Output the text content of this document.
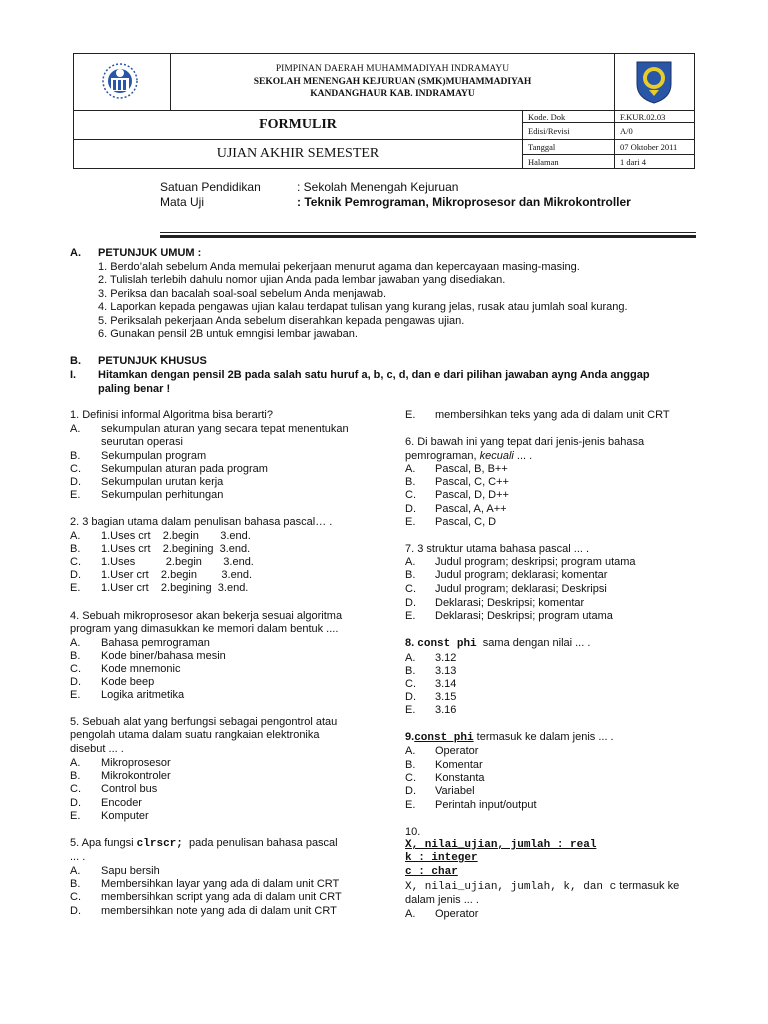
PIMPINAN DAERAH MUHAMMADIYAH INDRAMAYU
SEKOLAH MENENGAH KEJURUAN (SMK)MUHAMMADIYAH
KANDANGHAUR KAB. INDRAMAYU

FORMULIR		Kode. Dok	F.KUR.02.03
		Edisi/Revisi	A/0
UJIAN AKHIR SEMESTER		Tanggal	07 Oktober 2011
		Halaman	1 dari 4
Satuan Pendidikan	: Sekolah Menengah Kejuruan
Mata Uji	: Teknik Pemrograman, Mikroprosesor dan Mikrokontroller
A. PETUNJUK UMUM :
1. Berdo’alah sebelum Anda memulai pekerjaan menurut agama dan kepercayaan masing-masing.
2. Tulislah terlebih dahulu nomor ujian Anda pada lembar jawaban yang disediakan.
3. Periksa dan bacalah soal-soal sebelum Anda menjawab.
4. Laporkan kepada pengawas ujian kalau terdapat tulisan yang kurang jelas, rusak atau jumlah soal kurang.
5. Periksalah pekerjaan Anda sebelum diserahkan kepada pengawas ujian.
6. Gunakan pensil 2B untuk emngisi lembar jawaban.
B. PETUNJUK KHUSUS
I. Hitamkan dengan pensil 2B pada salah satu huruf a, b, c, d, dan e dari pilihan jawaban ayng Anda anggap
paling benar !
1. Definisi informal Algoritma bisa berarti?
A. sekumpulan aturan yang secara tepat menentukan
seurutan operasi
B. Sekumpulan program
C. Sekumpulan aturan pada program
D. Sekumpulan urutan kerja
E. Sekumpulan perhitungan
2. 3 bagian utama dalam penulisan bahasa pascal… .
A. 1.Uses crt    2.begin       3.end.
B. 1.Uses crt    2.begining  3.end.
C. 1.Uses          2.begin       3.end.
D. 1.User crt    2.begin        3.end.
E. 1.User crt    2.begining  3.end.
4. Sebuah mikroprosesor akan bekerja sesuai algoritma
program yang dimasukkan ke memori dalam bentuk ....
A. Bahasa pemrograman
B. Kode biner/bahasa mesin
C. Kode mnemonic
D. Kode beep
E. Logika aritmetika
5. Sebuah alat yang berfungsi sebagai pengontrol atau
pengolah utama dalam suatu rangkaian elektronika
disebut ... .
A. Mikroprosesor
B. Mikrokontroler
C. Control bus
D. Encoder
E. Komputer
5. Apa fungsi clrscr;  pada penulisan bahasa pascal
... .
A. Sapu bersih
B. Membersihkan layar yang ada di dalam unit CRT
C. membersihkan script yang ada di dalam unit CRT
D. membersihkan note yang ada di dalam unit CRT
E. membersihkan teks yang ada di dalam unit CRT
6. Di bawah ini yang tepat dari jenis-jenis bahasa
pemrograman, kecuali ... .
A. Pascal, B, B++
B. Pascal, C, C++
C. Pascal, D, D++
D. Pascal, A, A++
E. Pascal, C, D
7. 3 struktur utama bahasa pascal ... .
A. Judul program; deskripsi; program utama
B. Judul program; deklarasi; komentar
C. Judul program; deklarasi; Deskripsi
D. Deklarasi; Deskripsi; komentar
E. Deklarasi; Deskripsi; program utama
8. const phi  sama dengan nilai ... .
A. 3.12
B. 3.13
C. 3.14
D. 3.15
E. 3.16
9.const phi termasuk ke dalam jenis ... .
A. Operator
B. Komentar
C. Konstanta
D. Variabel
E. Perintah input/output
10.
X, nilai_ujian, jumlah : real
k : integer
c : char
X, nilai_ujian, jumlah, k, dan c termasuk ke
dalam jenis ... .
A. Operator
